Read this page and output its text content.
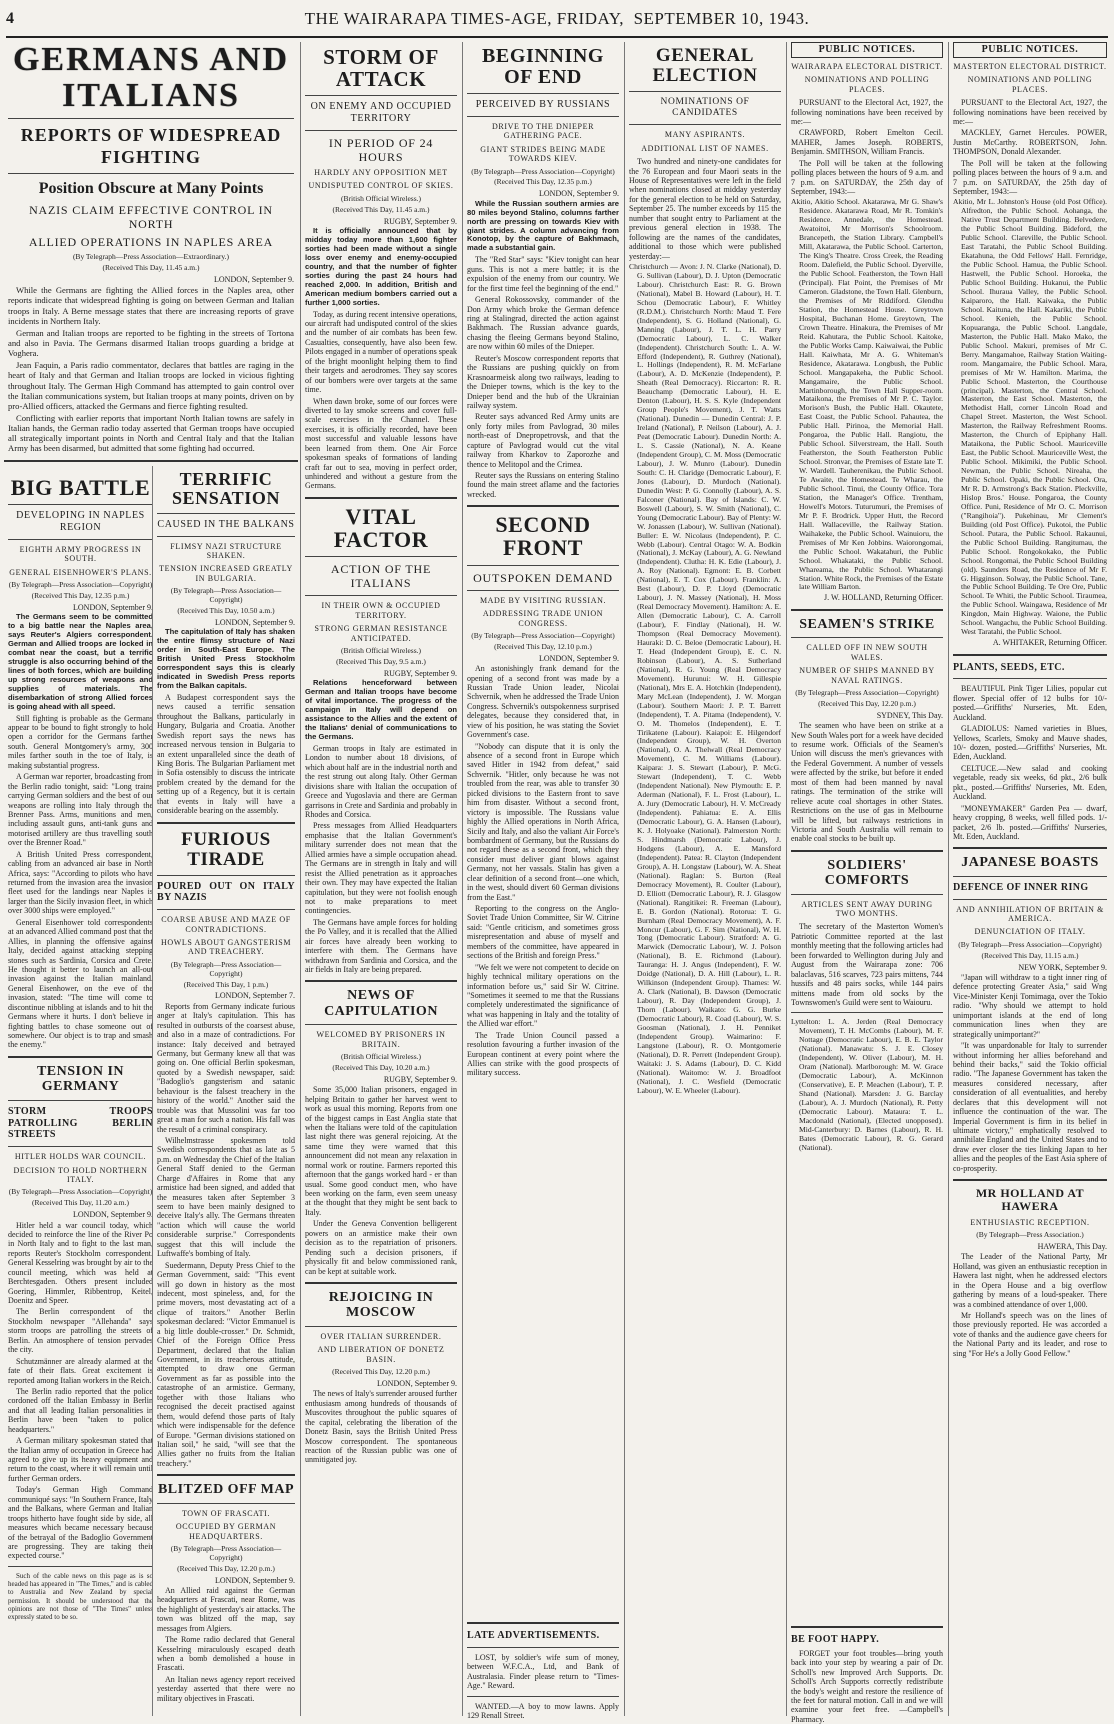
4	THE WAIRARAPA TIMES-AGE, FRIDAY, SEPTEMBER 10, 1943.
GERMANS AND ITALIANS
REPORTS OF WIDESPREAD FIGHTING
Position Obscure at Many Points
NAZIS CLAIM EFFECTIVE CONTROL IN NORTH
ALLIED OPERATIONS IN NAPLES AREA
(By Telegraph—Press Association—Extraordinary.)
(Received This Day, 11.45 a.m.)
LONDON, September 9.

While the Germans are fighting the Allied forces in the Naples area, other reports indicate that widespread fighting is going on between German and Italian troops in Italy. A Berne message states that there are increasing reports of grave incidents in Northern Italy.

German and Italian troops are reported to be fighting in the streets of Tortona and also in Pavia. The Germans disarmed Italian troops guarding a bridge at Voghera.

Jean Faquin, a Paris radio commentator, declares that battles are raging in the heart of Italy and that German and Italian troops are locked in vicious fighting throughout Italy. The German High Command has attempted to gain control over the Italian communications system, but Italian troops at many points, driven on by pro-Allied officers, attacked the Germans and fierce fighting resulted.

Conflicting with earlier reports that important North Italian towns are safely in Italian hands, the German radio today asserted that German troops have occupied all strategically important points in North and Central Italy and that the Italian Army has been disarmed, but admitted that some fighting had occurred.

BIG BATTLE
DEVELOPING IN NAPLES REGION
EIGHTH ARMY PROGRESS IN SOUTH.
GENERAL EISENHOWER'S PLANS.
(By Telegraph—Press Association—Copyright)
(Received This Day, 12.35 p.m.)
LONDON, September 9.

The Germans seem to be committed to a big battle near the Naples area, says Reuter's Algiers correspondent. German and Allied troops are locked in combat near the coast, but a terrific struggle is also occurring behind of the lines of both forces, which are building up strong resources of weapons and supplies of materials. The disembarkation of strong Allied forces is going ahead with all speed.

Still fighting is probable as the Germans appear to be bound to fight strongly to hold open a corridor for the Germans farther south. General Montgomery's army, 300 miles farther south in the toe of Italy, is making substantial progress.

A German war reporter, broadcasting from the Berlin radio tonight, said: "Long trains carrying German soldiers and the best of our weapons are rolling into Italy through the Brenner Pass. Arms, munitions and men, including assault guns, anti-tank guns and motorised artillery are thus travelling south over the Brenner Road."

A British United Press correspondent, cabling from an advanced air base in North Africa, says: "According to pilots who have returned from the invasion area the invasion fleet used for the landings near Naples is larger than the Sicily invasion fleet, in which over 3000 ships were employed."

General Eisenhower told correspondents at an advanced Allied command post that the Allies, in planning the offensive against Italy, decided against attacking stepping stones such as Sardinia, Corsica and Crete. He thought it better to launch an all-out invasion against the Italian mainland. General Eisenhower, on the eve of the invasion, stated: "The time will come to discontinue nibbling at islands and to hit the Germans where it hurts. I don't believe in fighting battles to chase someone out of somewhere. Our object is to trap and smash the enemy."

TENSION IN GERMANY
STORM TROOPS PATROLLING BERLIN STREETS
HITLER HOLDS WAR COUNCIL.
DECISION TO HOLD NORTHERN ITALY.
(By Telegraph—Press Association—Copyright)
(Received This Day, 11.20 a.m.)
LONDON, September 9.

Hitler held a war council today, which decided to reinforce the line of the River Po in North Italy and to fight to the last man, reports Reuter's Stockholm correspondent. General Kesselring was brought by air to the council meeting, which was held at Berchtesgaden. Others present included Goering, Himmler, Ribbentrop, Keitel, Doenitz and Speer.

The Berlin correspondent of the Stockholm newspaper "Allehanda" says storm troops are patrolling the streets of Berlin. An atmosphere of tension pervades the city.

Schutzmänner are already alarmed at the fate of their flats. Great excitement is reported among Italian workers in the Reich.

The Berlin radio reported that the police cordoned off the Italian Embassy in Berlin and that all leading Italian personalities in Berlin have been "taken to police headquarters."

A German military spokesman stated that the Italian army of occupation in Greece had agreed to give up its heavy equipment and return to the coast, where it will remain until further German orders.

Today's German High Command communiqué says: "In Southern France, Italy and the Balkans, where German and Italian troops hitherto have fought side by side, all measures which became necessary because of the betrayal of the Badoglio Government are progressing. They are taking their expected course."

Such of the cable news on this page as is so headed has appeared in "The Times," and is cabled to Australia and New Zealand by special permission. It should be understood that the opinions are not those of "The Times" unless expressly stated to be so.

TERRIFIC SENSATION
CAUSED IN THE BALKANS
FLIMSY NAZI STRUCTURE SHAKEN.
TENSION INCREASED GREATLY IN BULGARIA.
(By Telegraph—Press Association—Copyright)
(Received This Day, 10.50 a.m.)
LONDON, September 9.

The capitulation of Italy has shaken the entire flimsy structure of Nazi order in South-East Europe. The British United Press Stockholm correspondent says this is clearly indicated in Swedish Press reports from the Balkan capitals.

A Budapest correspondent says the news caused a terrific sensation throughout the Balkans, particularly in Hungary, Bulgaria and Croatia. Another Swedish report says the news has increased nervous tension in Bulgaria to an extent unparalleled since the death of King Boris. The Bulgarian Parliament met in Sofia ostensibly to discuss the intricate problem created by the demand for the setting up of a Regency, but it is certain that events in Italy will have a considerable bearing on the assembly.

FURIOUS TIRADE
POURED OUT ON ITALY BY NAZIS
COARSE ABUSE AND MAZE OF CONTRADICTIONS.
HOWLS ABOUT GANGSTERISM AND TREACHERY.
(By Telegraph—Press Association—Copyright)
(Received This Day, 1 p.m.)
LONDON, September 7.

Reports from Germany indicate furious anger at Italy's capitulation. This has resulted in outbursts of the coarsest abuse, and also in a maze of contradictions. For instance: Italy deceived and betrayed Germany, but Germany knew all that was going on. One official Berlin spokesman, quoted by a Swedish newspaper, said: "Badoglio's gangsterism and satanic behaviour is the falsest treachery in the history of the world." Another said the trouble was that Mussolini was far too great a man for such a nation. His fall was the result of a criminal conspiracy.

Wilhelmstrasse spokesmen told Swedish correspondents that as late as 5 p.m. on Wednesday the Chief of the Italian General Staff denied to the German Charge d'Affaires in Rome that any armistice had been signed, and added that the measures taken after September 3 seem to have been mainly designed to deceive Italy's ally. The Germans threaten "action which will cause the world considerable surprise." Correspondents suggest that this will include the Luftwaffe's bombing of Italy.

Suedermann, Deputy Press Chief to the German Government, said: "This event will go down in history as the most indecent, most spineless, and, for the prime movers, most devastating act of a clique of traitors." Another Berlin spokesman declared: "Victor Emmanuel is a big little double-crosser." Dr. Schmidt, Chief of the Foreign Office Press Department, declared that the Italian Government, in its treacherous attitude, attempted to draw one German Government as far as possible into the catastrophe of an armistice. Germany, together with those Italians who recognised the deceit practised against them, would defend those parts of Italy which were indispensable for the defence of Europe. "German divisions stationed on Italian soil," he said, "will see that the Allies gather no fruits from the Italian treachery."

BLITZED OFF MAP
TOWN OF FRASCATI.
OCCUPIED BY GERMAN HEADQUARTERS.
(By Telegraph—Press Association—Copyright)
(Received This Day, 12.20 p.m.)
LONDON, September 9.

An Allied raid against the German headquarters at Frascati, near Rome, was the highlight of yesterday's air attacks. The town was blitzed off the map, say messages from Algiers.

The Rome radio declared that General Kesselring miraculously escaped death when a bomb demolished a house in Frascati.

An Italian news agency report received yesterday asserted that there were no military objectives in Frascati.

STORM OF ATTACK
ON ENEMY AND OCCUPIED TERRITORY
IN PERIOD OF 24 HOURS
HARDLY ANY OPPOSITION MET
UNDISPUTED CONTROL OF SKIES.
(British Official Wireless.)
(Received This Day, 11.45 a.m.)
RUGBY, September 9.

It is officially announced that by midday today more than 1,600 fighter sorties had been made without a single loss over enemy and enemy-occupied country, and that the number of fighter sorties during the past 24 hours had reached 2,000. In addition, British and American medium bombers carried out a further 1,000 sorties.

Today, as during recent intensive operations, our aircraft had undisputed control of the skies and the number of air combats has been few. Casualties, consequently, have also been few. Pilots engaged in a number of operations speak of the bright moonlight helping them to find their targets and aerodromes. They say scores of our bombers were over targets at the same time.

When dawn broke, some of our forces were diverted to lay smoke screens and cover full-scale exercises in the Channel. These exercises, it is officially recorded, have been most successful and valuable lessons have been learned from them. One Air Force spokesman speaks of formations of landing craft far out to sea, moving in perfect order, unhindered and without a gesture from the Germans.

VITAL FACTOR
ACTION OF THE ITALIANS
IN THEIR OWN & OCCUPIED TERRITORY.
STRONG GERMAN RESISTANCE ANTICIPATED.
(British Official Wireless.)
(Received This Day, 9.5 a.m.)
RUGBY, September 9.

Relations henceforward between German and Italian troops have become of vital importance. The progress of the campaign in Italy will depend on assistance to the Allies and the extent of the Italians' denial of communications to the Germans.

German troops in Italy are estimated in London to number about 18 divisions, of which about half are in the industrial north and the rest strung out along Italy. Other German divisions share with Italian the occupation of Greece and Yugoslavia and there are German garrisons in Crete and Sardinia and probably in Rhodes and Corsica.

Press messages from Allied Headquarters emphasise that the Italian Government's military surrender does not mean that the Allied armies have a simple occupation ahead. The Germans are in strength in Italy and will resist the Allied penetration as it approaches their own. They may have expected the Italian capitulation, but they were not foolish enough not to make preparations to meet contingencies.

The Germans have ample forces for holding the Po Valley, and it is recalled that the Allied air forces have already been working to interfere with them. The Germans have withdrawn from Sardinia and Corsica, and the air fields in Italy are being prepared.

NEWS OF CAPITULATION
WELCOMED BY PRISONERS IN BRITAIN.
(British Official Wireless.)
(Received This Day, 10.20 a.m.)
RUGBY, September 9.

Some 35,000 Italian prisoners, engaged in helping Britain to gather her harvest went to work as usual this morning. Reports from one of the biggest camps in East Anglia state that when the Italians were told of the capitulation last night there was general rejoicing. At the same time they were warned that this announcement did not mean any relaxation in normal work or routine. Farmers reported this afternoon that the gangs worked hard - er than usual. Some good conduct men, who have been working on the farm, even seem uneasy at the thought that they might be sent back to Italy.

Under the Geneva Convention belligerent powers on an armistice make their own decision as to the repatriation of prisoners. Pending such a decision prisoners, if physically fit and below commissioned rank, can be kept at suitable work.

REJOICING IN MOSCOW
OVER ITALIAN SURRENDER.
AND LIBERATION OF DONETZ BASIN.
(Received This Day, 12.20 p.m.)
LONDON, September 9.

The news of Italy's surrender aroused further enthusiasm among hundreds of thousands of Muscovites throughout the public squares of the capital, celebrating the liberation of the Donetz Basin, says the British United Press Moscow correspondent. The spontaneous reaction of the Russian public was one of unmitigated joy.

BEGINNING OF END
PERCEIVED BY RUSSIANS
DRIVE TO THE DNIEPER GATHERING PACE.
GIANT STRIDES BEING MADE TOWARDS KIEV.
(By Telegraph—Press Association—Copyright)
(Received This Day, 12.35 p.m.)
LONDON, September 9.

While the Russian southern armies are 80 miles beyond Stalino, columns farther north are pressing on towards Kiev with giant strides. A column advancing from Konotop, by the capture of Bakhmach, made a substantial gain.

The "Red Star" says: "Kiev tonight can hear guns. This is not a mere battle; it is the expulsion of the enemy from our country. We for the first time feel the beginning of the end."

General Rokossovsky, commander of the Don Army which broke the German defence ring at Stalingrad, directed the action against Bakhmach. The Russian advance guards, chasing the fleeing Germans beyond Stalino, are now within 60 miles of the Dnieper.

Reuter's Moscow correspondent reports that the Russians are pushing quickly on from Krasnoarmeisk along two railways, leading to the Dnieper towns, which is the key to the Dnieper bend and the hub of the Ukrainian railway system.

Reuter says advanced Red Army units are only forty miles from Pavlograd, 30 miles north-east of Dnepropetrovsk, and that the capture of Pavlograd would cut the vital railway from Kharkov to Zaporozhe and thence to Melitopol and the Crimea.

Reuter says the Russians on entering Stalino found the main street aflame and the factories wrecked.

SECOND FRONT
OUTSPOKEN DEMAND
MADE BY VISITING RUSSIAN.
ADDRESSING TRADE UNION CONGRESS.
(By Telegraph—Press Association—Copyright)
(Received This Day, 12.10 p.m.)
LONDON, September 9.

An astonishingly frank demand for the opening of a second front was made by a Russian Trade Union leader, Nicolai Schvernik, when he addressed the Trade Union Congress. Schvernik's outspokenness surprised delegates, because they considered that, in view of his position, he was stating the Soviet Government's case.

"Nobody can dispute that it is only the absence of a second front in Europe which saved Hitler in 1942 from defeat," said Schvernik. "Hitler, only because he was not troubled from the rear, was able to transfer 30 picked divisions to the Eastern front to save him from disaster. Without a second front, victory is impossible. The Russians value highly the Allied operations in North Africa, Sicily and Italy, and also the valiant Air Force's bombardment of Germany, but the Russians do not regard these as a second front, which they consider must deliver giant blows against Germany, not her vassals. Stalin has given a clear definition of a second front—one which, in the west, should divert 60 German divisions from the East."

Reporting to the congress on the Anglo-Soviet Trade Union Committee, Sir W. Citrine said: "Gentle criticism, and sometimes gross misrepresentation and abuse of myself and members of the committee, have appeared in sections of the British and foreign Press."

"We felt we were not competent to decide on highly technical military operations on the information before us," said Sir W. Citrine. "Sometimes it seemed to me that the Russians completely underestimated the significance of what was happening in Italy and the totality of the Allied war effort."

The Trade Union Council passed a resolution favouring a further invasion of the European continent at every point where the Allies can strike with the good prospects of military success.

LATE ADVERTISEMENTS.

LOST, by soldier's wife sum of money, between W.F.C.A., Ltd, and Bank of Australasia. Finder please return to "Times-Age." Reward.

WANTED.—A boy to mow lawns. Apply 129 Renall Street.

GENERAL ELECTION
NOMINATIONS OF CANDIDATES
MANY ASPIRANTS.
ADDITIONAL LIST OF NAMES.

Two hundred and ninety-one candidates for the 76 European and four Maori seats in the House of Representatives were left in the field when nominations closed at midday yesterday for the general election to be held on Saturday, September 25. The number exceeds by 115 the number that sought entry to Parliament at the previous general election in 1938. The following are the names of the candidates, additional to those which were published yesterday:—

Christchurch — Avon: J. N. Clarke (National), D. G. Sullivan (Labour), D. J. Upton (Democratic Labour). Christchurch East: R. G. Brown (National), Mabel B. Howard (Labour), H. T. Schou (Democratic Labour), F. Whitley (R.D.M.). Christchurch North: Maud T. Fere (Independent), S. G. Holland (National), G. Manning (Labour), J. T. L. H. Parry (Democratic Labour), L. C. Walker (Independent). Christchurch South: L. A. W. Efford (Independent), R. Guthrey (National), L. Hollings (Independent), R. M. McFarlane (Labour), A. D. McKenzie (Independent), P. Sheath (Real Democracy). Riccarton: R. R. Beauchamp (Democratic Labour), H. E. Denton (Labour), H. S. S. Kyle (Independent Group People's Movement), J. T. Watts (National). Dunedin — Dunedin Central: J. P. Ireland (National), P. Neilson (Labour), A. J. Peat (Democratic Labour). Dunedin North: A. L. S. Cassie (National), N. A. Keane (Independent Group), C. M. Moss (Democratic Labour), J. W. Munro (Labour). Dunedin South: C. H. Claridge (Democratic Labour), F. Jones (Labour), D. Murdoch (National). Dunedin West: P. G. Connolly (Labour), A. S. Falconer (National). Bay of Islands: C. W. Boswell (Labour), S. W. Smith (National), C. Young (Democratic Labour). Bay of Plenty: W. W. Jonassen (Labour), W. Sullivan (National). Buller: E. W. Nicolaus (Independent), P. C. Webb (Labour). Central Otago: W. A. Bodkin (National), J. McKay (Labour), A. G. Newland (Independent). Clutha: H. K. Edie (Labour), J. A. Roy (National). Egmont: E. B. Corbett (National), E. T. Cox (Labour). Franklin: A. Best (Labour), D. P. Lloyd (Democratic Labour), J. N. Massey (National), H. Moss (Real Democracy Movement). Hamilton: A. E. Allen (Democratic Labour), C. A. Carroll (Labour), F. Findlay (National), H. W. Thompson (Real Democracy Movement). Hauraki: D. C. Beloe (Democratic Labour), H. T. Head (Independent Group), E. C. N. Robinson (Labour), A. S. Sutherland (National), R. G. Young (Real Democracy Movement). Hurunui: W. H. Gillespie (National), Mrs E. A. Hotchkin (Independent), Mary McLean (Independent), J. W. Morgan (Labour). Southern Maori: J. P. T. Barrett (Independent), T. A. Pitama (Independent), V. O. M. Thomelos (Independent), E. T. Tirikatene (Labour). Kaiapoi: E. Hilgendorf (Independent Group), W. H. Overton (National), O. A. Thelwall (Real Democracy Movement), C. M. Williams (Labour). Kaipara: J. S. Stewart (Labour), P. McG. Stewart (Independent), T. C. Webb (Independent National). New Plymouth: E. P. Aderman (National), F. L. Frost (Labour), L. A. Jury (Democratic Labour), H. V. McCready (Independent). Pahiatua: E. A. Ellis (Democratic Labour), G. A. Hansen (Labour), K. J. Holyoake (National). Palmerston North: S. Hindmarsh (Democratic Labour), J. Hodgens (Labour), A. E. Mansford (Independent). Patea: R. Clayton (Independent Group), A. H. Longstaw (Labour), W. A. Sheat (National). Raglan: S. Burton (Real Democracy Movement), R. Coulter (Labour), D. Elliott (Democratic Labour), R. J. Glasgow (National). Rangitikei: R. Freeman (Labour), E. B. Gordon (National). Rotorua: T. G. Burnham (Real Democracy Movement), A. F. Moncur (Labour), G. F. Sim (National), W. H. Tong (Democratic Labour). Stratford: A. G. Marwick (Democratic Labour), W. J. Polson (National), B. E. Richmond (Labour). Tauranga: H. J. Angus (Independent), F. W. Doidge (National), D. A. Hill (Labour), L. R. Wilkinson (Independent Group). Thames: W. A. Clark (National), B. Dawson (Democratic Labour), R. Day (Independent Group), J. Thorn (Labour). Waikato: G. G. Burke (Democratic Labour), R. Coad (Labour), W. S. Goosman (National), J. H. Penniket (Independent Group). Waimarino: F. Langstone (Labour), R. O. Montgomerie (National), D. R. Perrett (Independent Group). Waitaki: J. S. Adams (Labour), D. C. Kidd (National). Waitomo: W. J. Broadfoot (National), J. C. Wesfield (Democratic Labour), W. E. Wheeler (Labour).

PUBLIC NOTICES.
WAIRARAPA ELECTORAL DISTRICT.
NOMINATIONS AND POLLING PLACES.

PURSUANT to the Electoral Act, 1927, the following nominations have been received by me:—

CRAWFORD, Robert Emelton Cecil. MAHER, James Joseph. ROBERTS, Benjamin. SMITHSON, William Francis.

The Poll will be taken at the following polling places between the hours of 9 a.m. and 7 p.m. on SATURDAY, the 25th day of September, 1943:—

Akitio, Akitio School. Akatarawa, Mr G. Shaw's Residence. Akatarawa Road, Mr R. Tomkin's Residence. Annedale, the Homestead. Awatoitoi, Mr Morrison's Schoolroom. Brancepeth, the Station Library. Campbell's Mill, Akatarawa, the Public School. Carterton, The King's Theatre. Cross Creek, the Reading Room. Dalefield, the Public School. Dyerville, the Public School. Featherston, the Town Hall (Principal). Flat Point, the Premises of Mr Cameron. Gladstone, the Town Hall. Glenburn, the Premises of Mr Riddiford. Glendhu Station, the Homestead House. Greytown Hospital, Buchanan Home. Greytown, The Crown Theatre. Hinakura, the Premises of Mr Reid. Kahutara, the Public School. Kaitoke, the Public Works Camp. Kaiwaiwai, the Public Hall. Kaiwhata, Mr A. G. Whiteman's Residence, Akatarawa. Longbush, the Public School. Mangapakeha, the Public School. Mangamaire, the Public School. Martinborough, the Town Hall Supper-room. Mataikona, the Premises of Mr P. C. Taylor. Morison's Bush, the Public Hall. Okautete, East Coast, the Public School. Pahautea, the Public Hall. Pirinoa, the Memorial Hall. Pongaroa, the Public Hall. Rangiotu, the Public School. Silverstream, the Hall. South Featherston, the South Featherston Public School. Stronvar, the Premises of Estate late T. W. Wardell. Tauherenikau, the Public School. Te Awaite, the Homestead. Te Wharau, the Public School. Tinui, the County Office. Tora Station, the Manager's Office. Trentham, Howell's Motors. Tuturumuri, the Premises of Mr P. F. Brodrick. Upper Hutt, the Record Hall. Wallaceville, the Railway Station. Waihakeke, the Public School. Wainuioru, the Premises of Mr Ken Jobbins. Waiorongomai, the Public School. Wakatahuri, the Public School. Whakataki, the Public School. Whareama, the Public School. Whatarangi Station. White Rock, the Premises of the Estate late William Barton.

J. W. HOLLAND, Returning Officer.

SEAMEN'S STRIKE
CALLED OFF IN NEW SOUTH WALES.
NUMBER OF SHIPS MANNED BY NAVAL RATINGS.
(By Telegraph—Press Association—Copyright)
(Received This Day, 12.20 p.m.)
SYDNEY, This Day.

The seamen who have been on strike at a New South Wales port for a week have decided to resume work. Officials of the Seamen's Union will discuss the men's grievances with the Federal Government. A number of vessels were affected by the strike, but before it ended most of them had been manned by naval ratings. The termination of the strike will relieve acute coal shortages in other States. Restrictions on the use of gas in Melbourne will be lifted, but railways restrictions in Victoria and South Australia will remain to enable coal stocks to be built up.

SOLDIERS' COMFORTS
ARTICLES SENT AWAY DURING TWO MONTHS.

The secretary of the Masterton Women's Patriotic Committee reported at the last monthly meeting that the following articles had been forwarded to Wellington during July and August from the Wairarapa zone: 706 balaclavas, 516 scarves, 723 pairs mittens, 744 hussifs and 48 pairs socks, while 144 pairs mittens made from old socks by the Townswomen's Guild were sent to Waiouru.

Lyttelton: L. A. Jerden (Real Democracy Movement), T. H. McCombs (Labour), M. F. Nottage (Democratic Labour), E. B. E. Taylor (National). Manawatu: S. J. E. Closey (Independent), W. Oliver (Labour), M. H. Oram (National). Marlborough: M. W. Grace (Democratic Labour), A. McKinnon (Conservative), E. P. Meachen (Labour), T. P. Shand (National). Marsden: J. G. Barclay (Labour), A. J. Murdoch (National), R. Petty (Democratic Labour). Mataura: T. L. Macdonald (National), (Elected unopposed). Mid-Canterbury: D. Barnes (Labour), R. H. Bates (Democratic Labour), R. G. Gerard (National).

BE FOOT HAPPY.

FORGET your foot troubles—bring youth back into your step by wearing a pair of Dr. Scholl's new Improved Arch Supports. Dr. Scholl's Arch Supports correctly redistribute the body's weight and restore the resilience of the feet for natural motion. Call in and we will examine your feet free. —Campbell's Pharmacy.

PUBLIC NOTICES.
MASTERTON ELECTORAL DISTRICT.
NOMINATIONS AND POLLING PLACES.

PURSUANT to the Electoral Act, 1927, the following nominations have been received by me:—

MACKLEY, Garnet Hercules. POWER, Justin McCarthy. ROBERTSON, John. THOMPSON, Donald Alexander.

The Poll will be taken at the following polling places between the hours of 9 a.m. and 7 p.m. on SATURDAY, the 25th day of September, 1943:—

Akitio, Mr L. Johnston's House (old Post Office). Alfredton, the Public School. Aohanga, the Native Trust Department Building. Belvedere, the Public School Building. Bideford, the Public School. Clareville, the Public School. East Taratahi, the Public School Building. Ekatahuna, the Odd Fellows' Hall. Fernridge, the Public School. Hamua, the Public School. Hastwell, the Public School. Horoeka, the Public School Building. Hukanui, the Public School. Ihuraua Valley, the Public School. Kaiparoro, the Hall. Kaiwaka, the Public School. Kaituna, the Hall. Kakariki, the Public School. Kenieh, the Public School. Kopuaranga, the Public School. Langdale, Masterton, the Public Hall. Mako Mako, the Public School. Makuri, premises of Mr C. Berry. Mangamahoe, Railway Station Waiting-room. Mangamaire, the Public School. Mara, premises of Mr W. Hamilton. Marima, the Public School. Masterton, the Courthouse (principal). Masterton, the Central School. Masterton, the East School. Masterton, the Methodist Hall, corner Lincoln Road and Chapel Street. Masterton, the West School. Masterton, the Railway Refreshment Rooms. Masterton, the Church of Epiphany Hall. Mataikona, the Public School. Mauriceville East, the Public School. Mauriceville West, the Public School. Mikimiki, the Public School. Newman, the Public School. Nireaha, the Public School. Opaki, the Public School. Ora, Mr R. D. Armstrong's Back Station. Pleckville, Hislop Bros.' House. Pongaroa, the County Office. Puni, Residence of Mr O. C. Morrison ("Rangihoia"). Pukehinau, Mr Clement's Building (old Post Office). Pukotoi, the Public School. Putara, the Public School. Rakaunui, the Public School Building. Rangitumau, the Public School. Rongokokako, the Public School. Rongomai, the Public School Building (old). Saunders Road, the Residence of Mr F. G. Higginson. Solway, the Public School. Tane, the Public School Building. Te Ore Ore, Public School. Te Whiti, the Public School. Tiraumea, the Public School. Waingawa, Residence of Mr Kingdon, Main Highway. Waione, the Public School. Wangachu, the Public School Building. West Taratahi, the Public School.

A. WHITAKER, Returning Officer.

PLANTS, SEEDS, ETC.

BEAUTIFUL Pink Tiger Lilies, popular cut flower. Special offer of 12 bulbs for 10/- posted.—Griffiths' Nurseries, Mt. Eden, Auckland.

GLADIOLUS: Named varieties in Blues, Yellows, Scarlets, Smoky and Mauve shades, 10/- dozen, posted.—Griffiths' Nurseries, Mt. Eden, Auckland.

CELTUCE.—New salad and cooking vegetable, ready six weeks, 6d pkt., 2/6 bulk pkt., posted.—Griffiths' Nurseries, Mt. Eden, Auckland.

"MONEYMAKER" Garden Pea — dwarf, heavy cropping, 8 weeks, well filled pods. 1/- packet, 2/6 lb. posted.—Griffiths' Nurseries, Mt. Eden, Auckland.

JAPANESE BOASTS
DEFENCE OF INNER RING
AND ANNIHILATION OF BRITAIN & AMERICA.
DENUNCIATION OF ITALY.
(By Telegraph—Press Association—Copyright)
(Received This Day, 11.15 a.m.)
NEW YORK, September 9.

"Japan will withdraw to a tight inner ring of defence protecting Greater Asia," said Wng Vice-Minister Kenji Tomimaga, over the Tokio radio. "Why should we attempt to hold unimportant islands at the end of long communication lines when they are strategically unimportant?"

"It was unpardonable for Italy to surrender without informing her allies beforehand and behind their backs," said the Tokio official radio. "The Japanese Government has taken the measures considered necessary, after consideration of all eventualities, and hereby declares that this development will not influence the continuation of the war. The Imperial Government is firm in its belief in ultimate victory," emphatically resolved to annihilate England and the United States and to draw ever closer the ties linking Japan to her allies and the peoples of the East Asia sphere of co-prosperity.

MR HOLLAND AT HAWERA
ENTHUSIASTIC RECEPTION.
(By Telegraph—Press Association.)
HAWERA, This Day.

The Leader of the National Party, Mr Holland, was given an enthusiastic reception in Hawera last night, when he addressed electors in the Opera House and a big overflow gathering by means of a loud-speaker. There was a combined attendance of over 1,000.

Mr Holland's speech was on the lines of those previously reported. He was accorded a vote of thanks and the audience gave cheers for the National Party and its leader, and rose to sing "For He's a Jolly Good Fellow."
